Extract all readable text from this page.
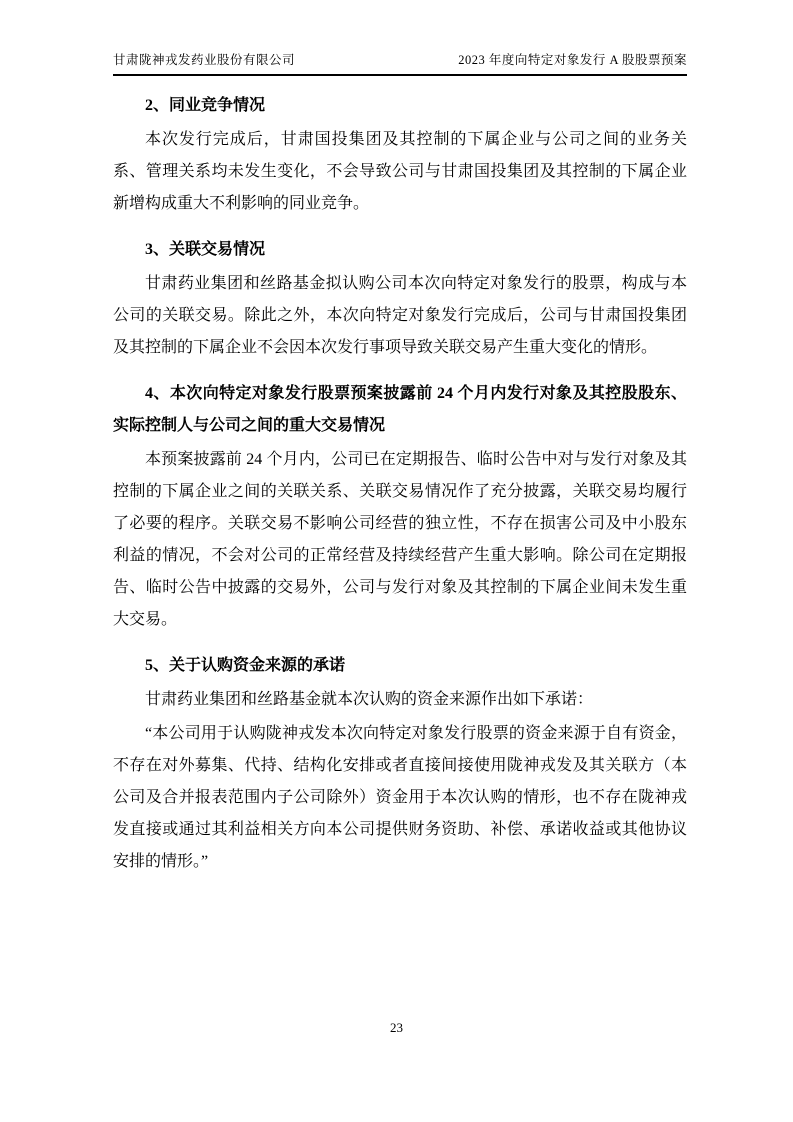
甘肃陇神戎发药业股份有限公司	2023 年度向特定对象发行 A 股股票预案
2、同业竞争情况

本次发行完成后，甘肃国投集团及其控制的下属企业与公司之间的业务关系、管理关系均未发生变化，不会导致公司与甘肃国投集团及其控制的下属企业新增构成重大不利影响的同业竞争。

3、关联交易情况

甘肃药业集团和丝路基金拟认购公司本次向特定对象发行的股票，构成与本公司的关联交易。除此之外，本次向特定对象发行完成后，公司与甘肃国投集团及其控制的下属企业不会因本次发行事项导致关联交易产生重大变化的情形。

4、本次向特定对象发行股票预案披露前 24 个月内发行对象及其控股股东、实际控制人与公司之间的重大交易情况

本预案披露前 24 个月内，公司已在定期报告、临时公告中对与发行对象及其控制的下属企业之间的关联关系、关联交易情况作了充分披露，关联交易均履行了必要的程序。关联交易不影响公司经营的独立性，不存在损害公司及中小股东利益的情况，不会对公司的正常经营及持续经营产生重大影响。除公司在定期报告、临时公告中披露的交易外，公司与发行对象及其控制的下属企业间未发生重大交易。

5、关于认购资金来源的承诺

甘肃药业集团和丝路基金就本次认购的资金来源作出如下承诺：

“本公司用于认购陇神戎发本次向特定对象发行股票的资金来源于自有资金，不存在对外募集、代持、结构化安排或者直接间接使用陇神戎发及其关联方（本公司及合并报表范围内子公司除外）资金用于本次认购的情形，也不存在陇神戎发直接或通过其利益相关方向本公司提供财务资助、补偿、承诺收益或其他协议安排的情形。”

23
